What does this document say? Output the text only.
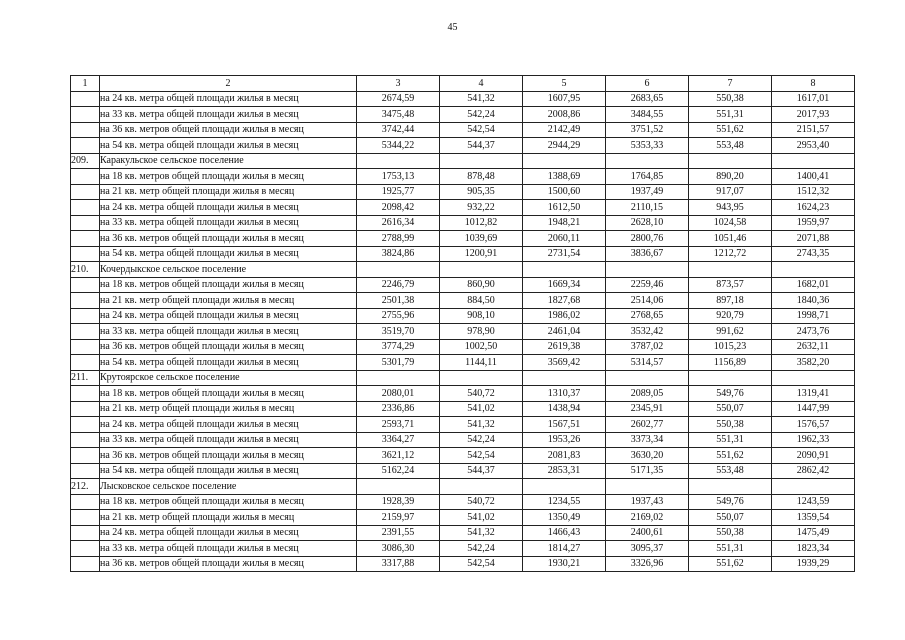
45
1	2	3	4	5	6	7	8
	на 24 кв. метра общей площади жилья в месяц	2674,59	541,32	1607,95	2683,65	550,38	1617,01
	на 33 кв. метра общей площади жилья в месяц	3475,48	542,24	2008,86	3484,55	551,31	2017,93
	на 36 кв. метров общей площади жилья в месяц	3742,44	542,54	2142,49	3751,52	551,62	2151,57
	на 54 кв. метра общей площади жилья в месяц	5344,22	544,37	2944,29	5353,33	553,48	2953,40
209.	Каракульское сельское поселение						
	на 18 кв. метров общей площади жилья в месяц	1753,13	878,48	1388,69	1764,85	890,20	1400,41
	на 21 кв. метр общей площади жилья в месяц	1925,77	905,35	1500,60	1937,49	917,07	1512,32
	на 24 кв. метра общей площади жилья в месяц	2098,42	932,22	1612,50	2110,15	943,95	1624,23
	на 33 кв. метра общей площади жилья в месяц	2616,34	1012,82	1948,21	2628,10	1024,58	1959,97
	на 36 кв. метров общей площади жилья в месяц	2788,99	1039,69	2060,11	2800,76	1051,46	2071,88
	на 54 кв. метра общей площади жилья в месяц	3824,86	1200,91	2731,54	3836,67	1212,72	2743,35
210.	Кочердыкское сельское поселение						
	на 18 кв. метров общей площади жилья в месяц	2246,79	860,90	1669,34	2259,46	873,57	1682,01
	на 21 кв. метр общей площади жилья в месяц	2501,38	884,50	1827,68	2514,06	897,18	1840,36
	на 24 кв. метра общей площади жилья в месяц	2755,96	908,10	1986,02	2768,65	920,79	1998,71
	на 33 кв. метра общей площади жилья в месяц	3519,70	978,90	2461,04	3532,42	991,62	2473,76
	на 36 кв. метров общей площади жилья в месяц	3774,29	1002,50	2619,38	3787,02	1015,23	2632,11
	на 54 кв. метра общей площади жилья в месяц	5301,79	1144,11	3569,42	5314,57	1156,89	3582,20
211.	Крутоярское сельское поселение						
	на 18 кв. метров общей площади жилья в месяц	2080,01	540,72	1310,37	2089,05	549,76	1319,41
	на 21 кв. метр общей площади жилья в месяц	2336,86	541,02	1438,94	2345,91	550,07	1447,99
	на 24 кв. метра общей площади жилья в месяц	2593,71	541,32	1567,51	2602,77	550,38	1576,57
	на 33 кв. метра общей площади жилья в месяц	3364,27	542,24	1953,26	3373,34	551,31	1962,33
	на 36 кв. метров общей площади жилья в месяц	3621,12	542,54	2081,83	3630,20	551,62	2090,91
	на 54 кв. метра общей площади жилья в месяц	5162,24	544,37	2853,31	5171,35	553,48	2862,42
212.	Лысковское сельское поселение						
	на 18 кв. метров общей площади жилья в месяц	1928,39	540,72	1234,55	1937,43	549,76	1243,59
	на 21 кв. метр общей площади жилья в месяц	2159,97	541,02	1350,49	2169,02	550,07	1359,54
	на 24 кв. метра общей площади жилья в месяц	2391,55	541,32	1466,43	2400,61	550,38	1475,49
	на 33 кв. метра общей площади жилья в месяц	3086,30	542,24	1814,27	3095,37	551,31	1823,34
	на 36 кв. метров общей площади жилья в месяц	3317,88	542,54	1930,21	3326,96	551,62	1939,29
